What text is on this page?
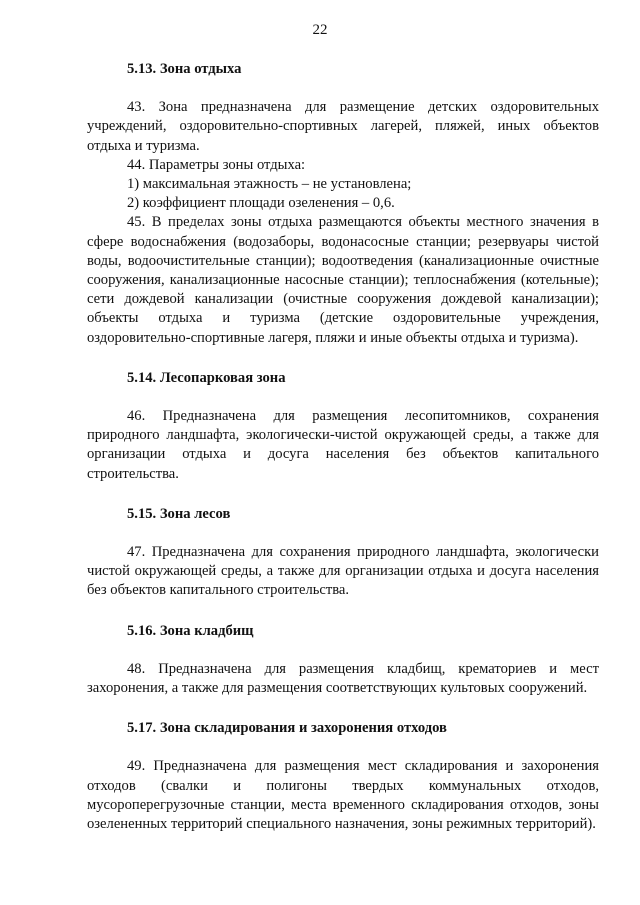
22

5.13. Зона отдыха

43. Зона предназначена для размещение детских оздоровительных учреждений, оздоровительно-спортивных лагерей, пляжей, иных объектов отдыха и туризма.

44. Параметры зоны отдыха:

1) максимальная этажность – не установлена;

2) коэффициент площади озеленения – 0,6.

45. В пределах зоны отдыха размещаются объекты местного значения в сфере водоснабжения (водозаборы, водонасосные станции; резервуары чистой воды, водоочистительные станции); водоотведения (канализационные очистные сооружения, канализационные насосные станции); теплоснабжения (котельные); сети дождевой канализации (очистные сооружения дождевой канализации); объекты отдыха и туризма (детские оздоровительные учреждения, оздоровительно-спортивные лагеря, пляжи и иные объекты отдыха и туризма).

5.14. Лесопарковая зона

46. Предназначена для размещения лесопитомников, сохранения природного ландшафта, экологически-чистой окружающей среды, а также для организации отдыха и досуга населения без объектов капитального строительства.

5.15. Зона лесов

47. Предназначена для сохранения природного ландшафта, экологически чистой окружающей среды, а также для организации отдыха и досуга населения без объектов капитального строительства.

5.16. Зона кладбищ

48. Предназначена для размещения кладбищ, крематориев и мест захоронения, а также для размещения соответствующих культовых сооружений.

5.17. Зона складирования и захоронения отходов

49. Предназначена для размещения мест складирования и захоронения отходов (свалки и полигоны твердых коммунальных отходов, мусороперегрузочные станции, места временного складирования отходов, зоны озелененных территорий специального назначения, зоны режимных территорий).
